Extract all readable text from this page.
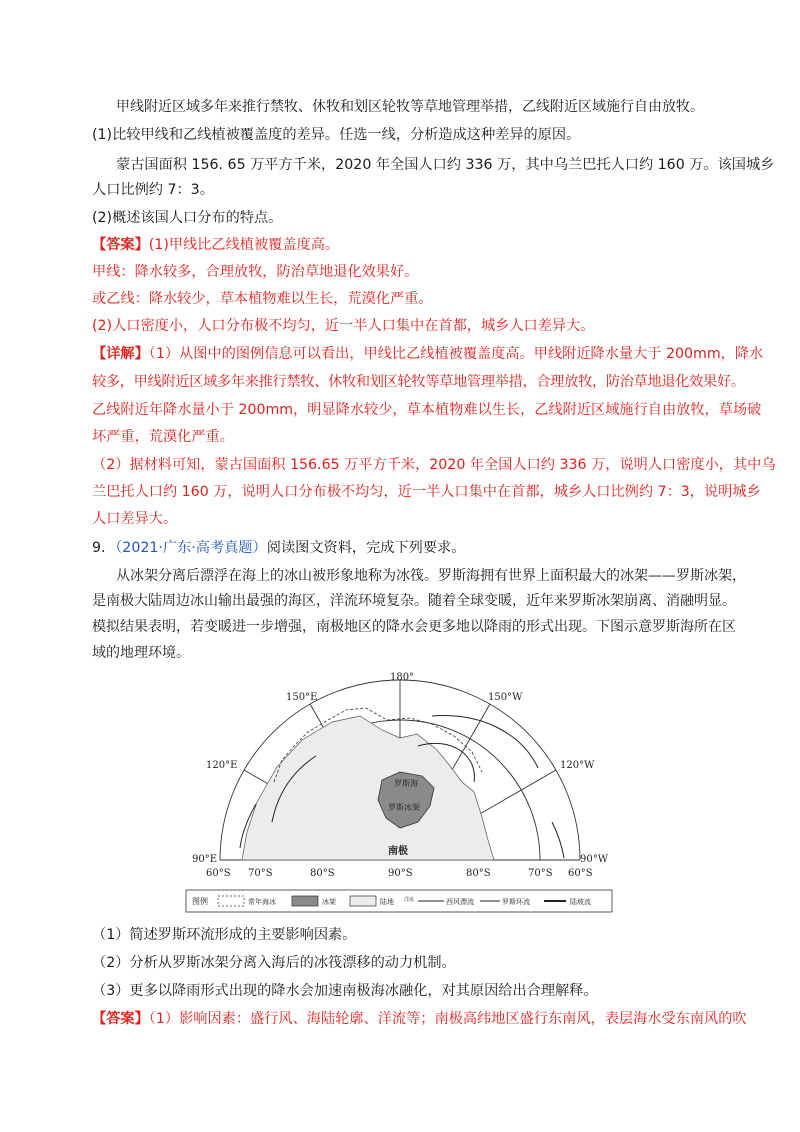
甲线附近区域多年来推行禁牧、休牧和划区轮牧等草地管理举措，乙线附近区域施行自由放牧。
(1)比较甲线和乙线植被覆盖度的差异。任选一线，分析造成这种差异的原因。
蒙古国面积 156. 65 万平方千米，2020 年全国人口约 336 万，其中乌兰巴托人口约 160 万。该国城乡
人口比例约 7：3。
(2)概述该国人口分布的特点。
【答案】(1)甲线比乙线植被覆盖度高。
甲线：降水较多，合理放牧，防治草地退化效果好。
或乙线：降水较少，草本植物难以生长，荒漠化严重。
(2)人口密度小，人口分布极不均匀，近一半人口集中在首都，城乡人口差异大。
【详解】（1）从图中的图例信息可以看出，甲线比乙线植被覆盖度高。甲线附近降水量大于 200mm，降水
较多，甲线附近区域多年来推行禁牧、休牧和划区轮牧等草地管理举措，合理放牧，防治草地退化效果好。
乙线附近年降水量小于 200mm，明显降水较少，草本植物难以生长，乙线附近区域施行自由放牧，草场破
坏严重，荒漠化严重。
（2）据材料可知，蒙古国面积 156.65 万平方千米，2020 年全国人口约 336 万，说明人口密度小，其中乌
兰巴托人口约 160 万，说明人口分布极不均匀，近一半人口集中在首都，城乡人口比例约 7：3，说明城乡
人口差异大。
9．（2021·广东·高考真题）阅读图文资料，完成下列要求。
从冰架分离后漂浮在海上的冰山被形象地称为冰筏。罗斯海拥有世界上面积最大的冰架——罗斯冰架，
是南极大陆周边冰山输出最强的海区，洋流环境复杂。随着全球变暖，近年来罗斯冰架崩离、消融明显。
模拟结果表明，若变暖进一步增强，南极地区的降水会更多地以降雨的形式出现。下图示意罗斯海所在区
域的地理环境。
180°
150°E	150°W
120°E	120°W
90°E	90°W
60°S 70°S	80°S	90°S	80°S	70°S 60°S
罗斯海
罗斯冰架
南极
图例	常年海冰	冰架	陆地 洋流	西风漂流	罗斯环流	陆坡流
（1）简述罗斯环流形成的主要影响因素。
（2）分析从罗斯冰架分离入海后的冰筏漂移的动力机制。
（3）更多以降雨形式出现的降水会加速南极海冰融化，对其原因给出合理解释。
【答案】（1）影响因素：盛行风、海陆轮廓、洋流等；南极高纬地区盛行东南风，表层海水受东南风的吹
